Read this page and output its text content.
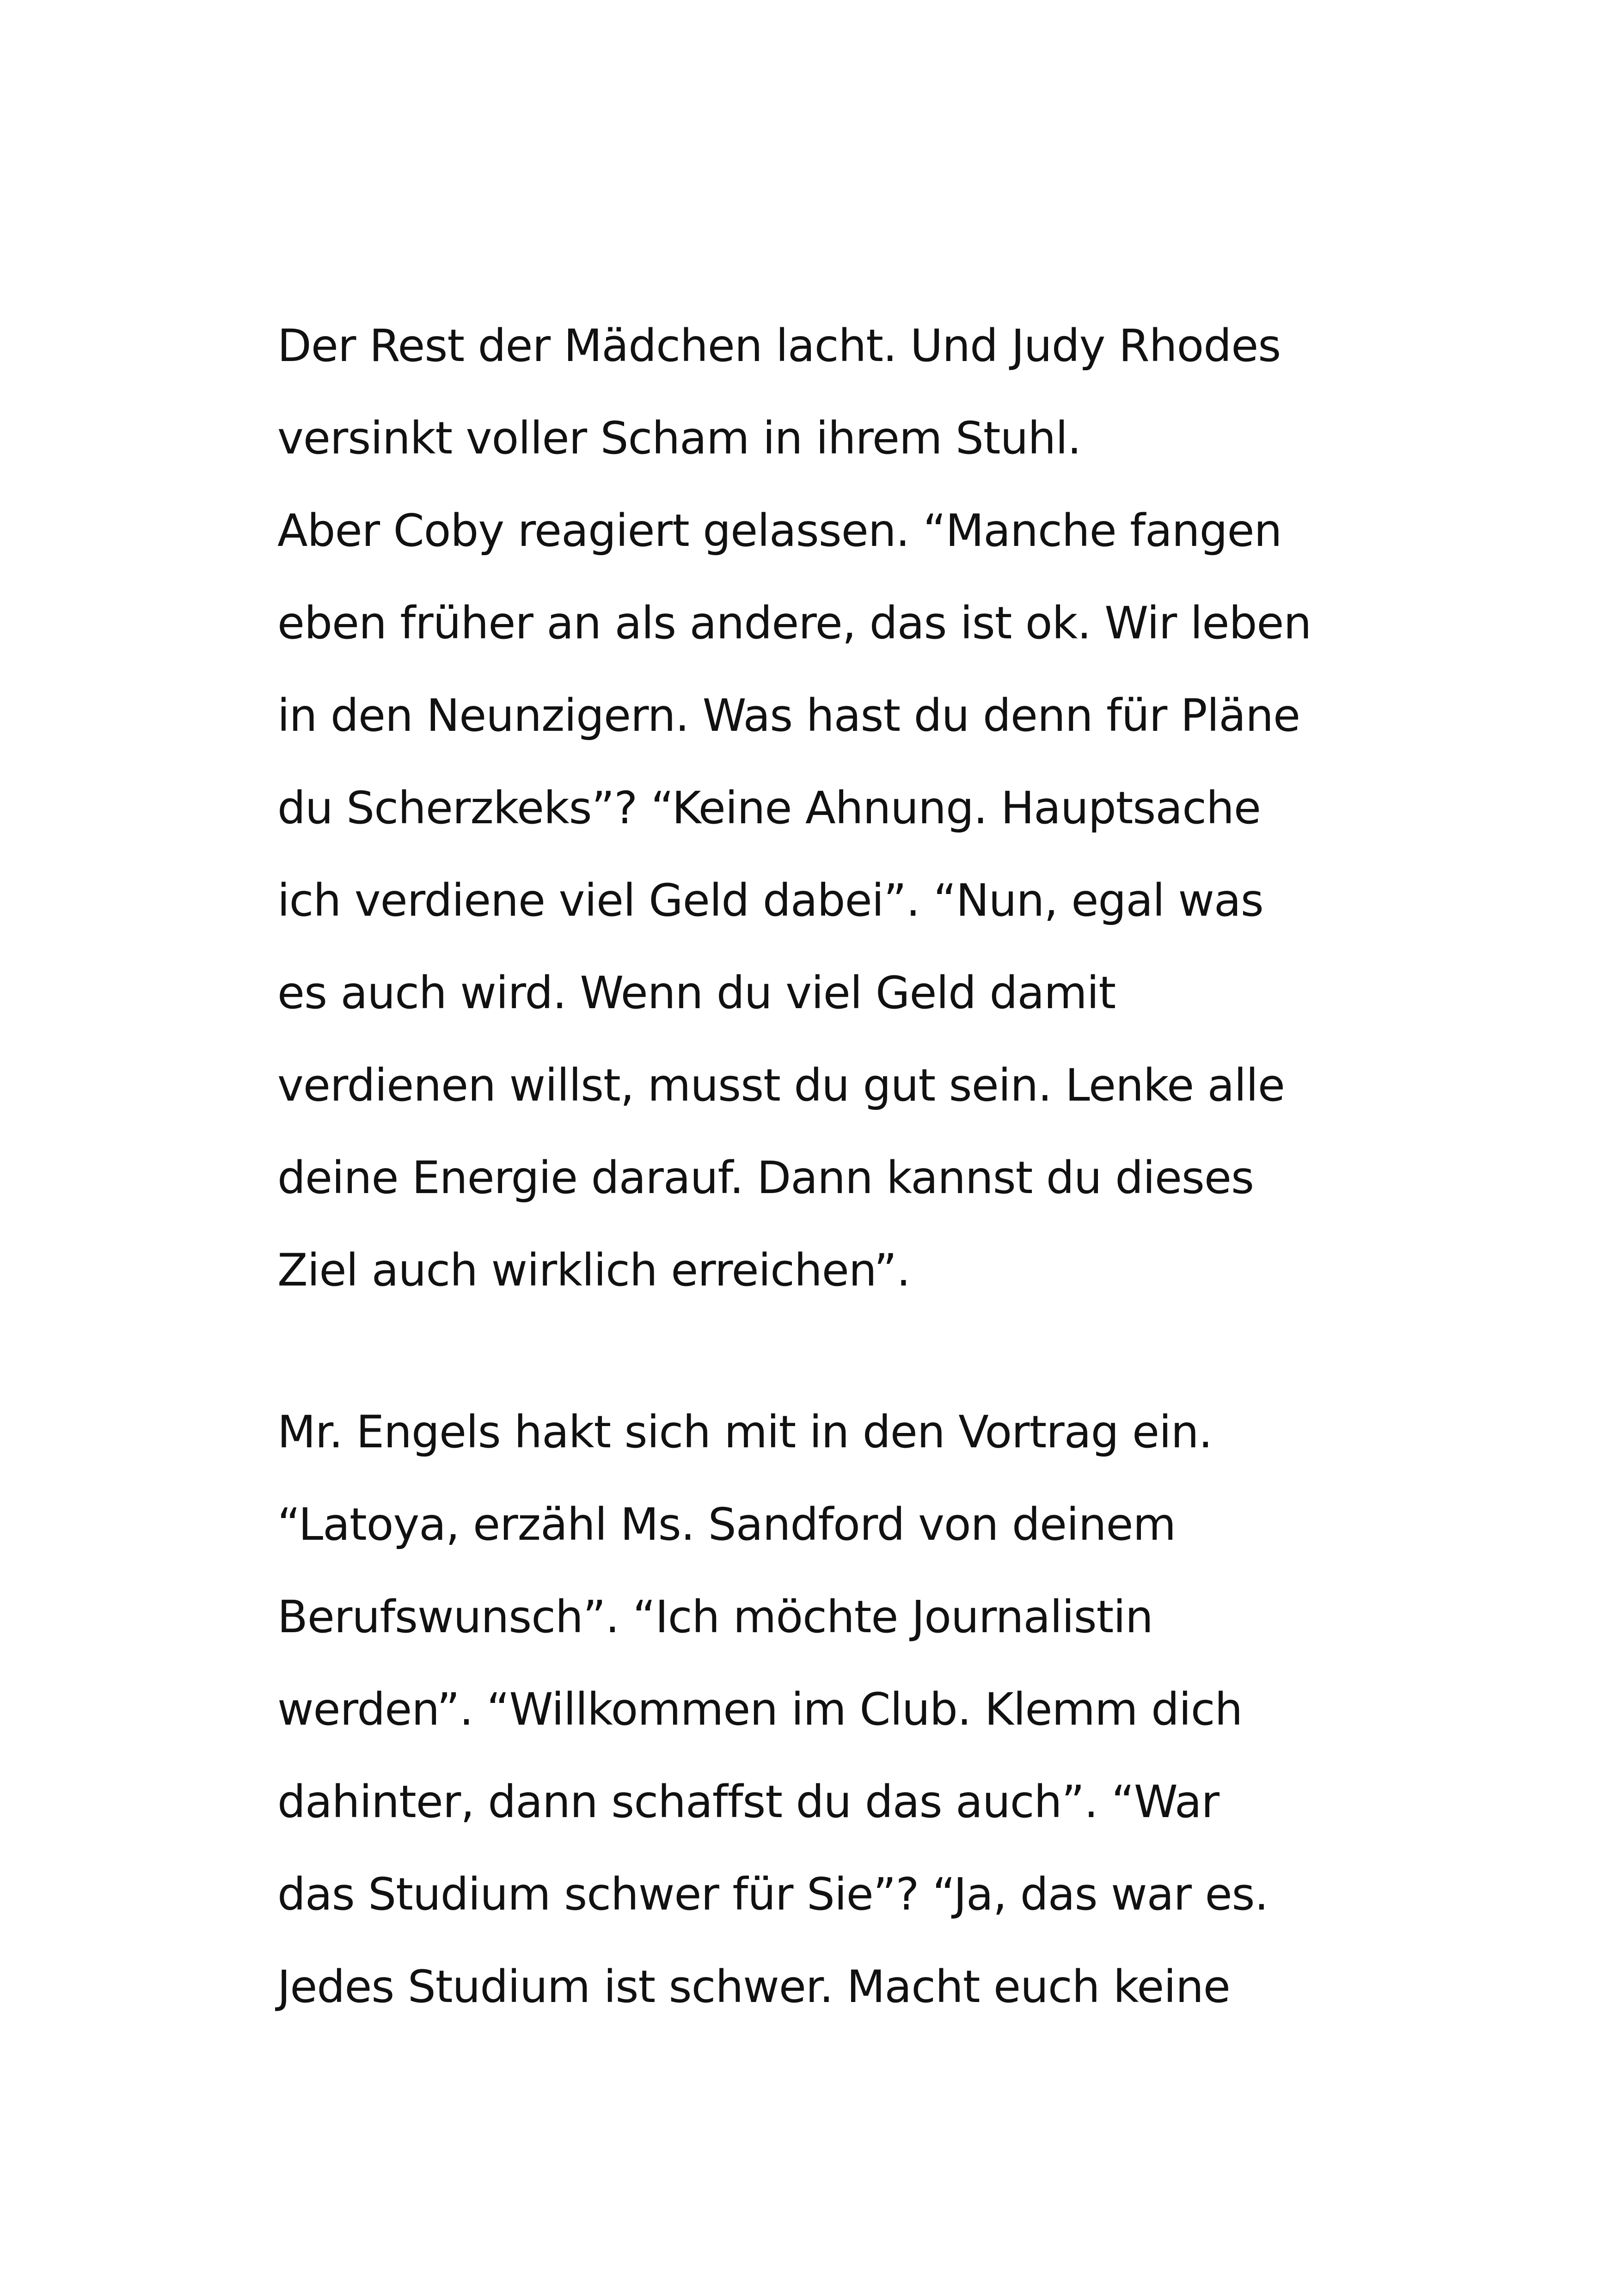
Der Rest der Mädchen lacht. Und Judy Rhodes
versinkt voller Scham in ihrem Stuhl.
Aber Coby reagiert gelassen. “Manche fangen
eben früher an als andere, das ist ok. Wir leben
in den Neunzigern. Was hast du denn für Pläne
du Scherzkeks”? “Keine Ahnung. Hauptsache
ich verdiene viel Geld dabei”. “Nun, egal was
es auch wird. Wenn du viel Geld damit
verdienen willst, musst du gut sein. Lenke alle
deine Energie darauf. Dann kannst du dieses
Ziel auch wirklich erreichen”.
Mr. Engels hakt sich mit in den Vortrag ein.
“Latoya, erzähl Ms. Sandford von deinem
Berufswunsch”. “Ich möchte Journalistin
werden”. “Willkommen im Club. Klemm dich
dahinter, dann schaffst du das auch”. “War
das Studium schwer für Sie”? “Ja, das war es.
Jedes Studium ist schwer. Macht euch keine
